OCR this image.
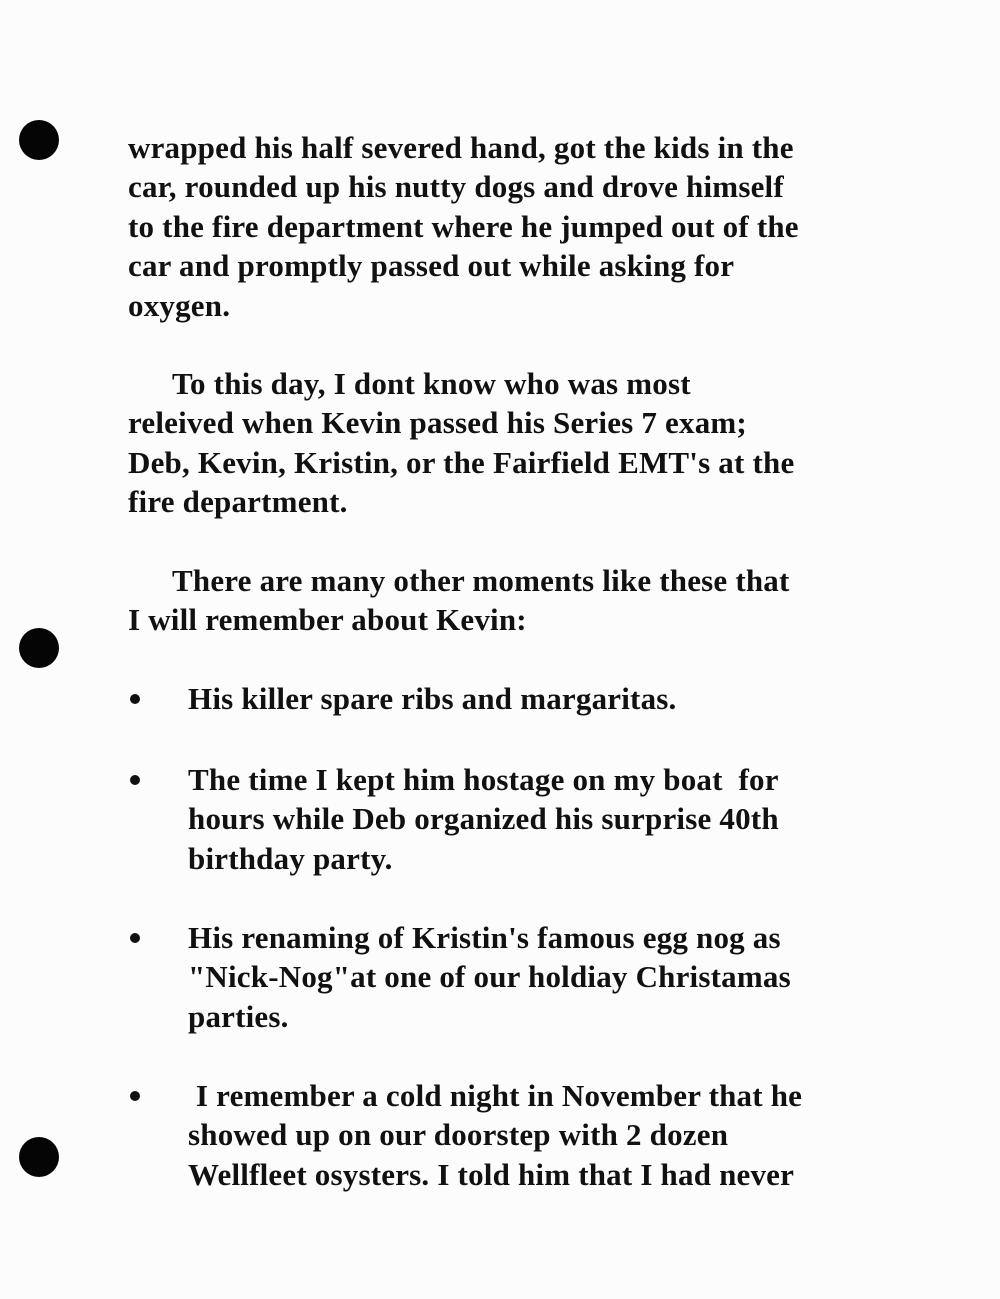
wrapped his half severed hand, got the kids in the
car, rounded up his nutty dogs and drove himself
to the fire department where he jumped out of the
car and promptly passed out while asking for
oxygen.

To this day, I dont know who was most
releived when Kevin passed his Series 7 exam;
Deb, Kevin, Kristin, or the Fairfield EMT's at the
fire department.

There are many other moments like these that
I will remember about Kevin:

His killer spare ribs and margaritas.
The time I kept him hostage on my boat  for
hours while Deb organized his surprise 40th
birthday party.
His renaming of Kristin's famous egg nog as
"Nick-Nog"at one of our holdiay Christamas
parties.
I remember a cold night in November that he
showed up on our doorstep with 2 dozen
Wellfleet osysters. I told him that I had never
